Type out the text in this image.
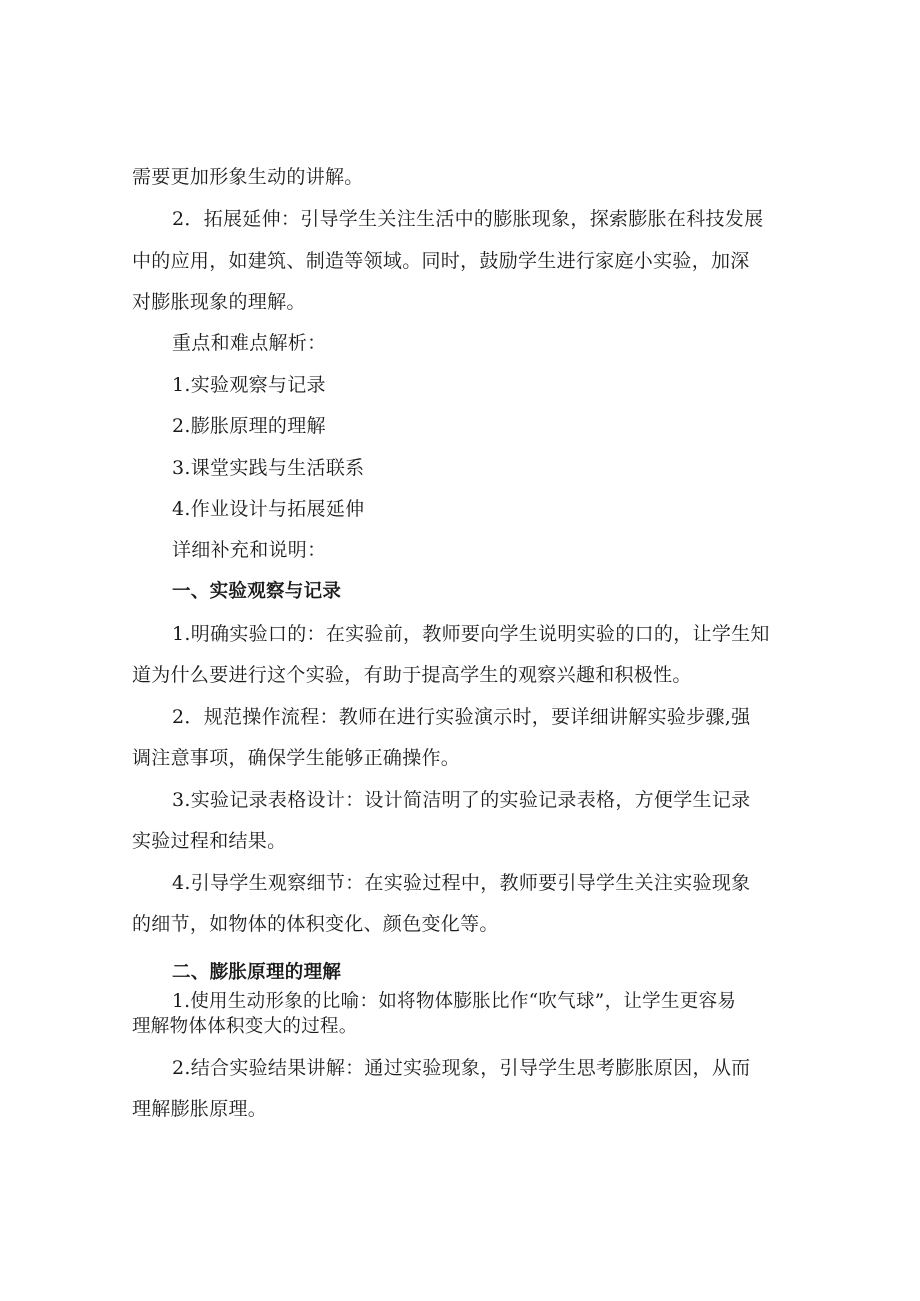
需要更加形象生动的讲解。
2．拓展延伸：引导学生关注生活中的膨胀现象，探索膨胀在科技发展
中的应用，如建筑、制造等领域。同时，鼓励学生进行家庭小实验，加深
对膨胀现象的理解。
重点和难点解析：
1.实验观察与记录
2.膨胀原理的理解
3.课堂实践与生活联系
4.作业设计与拓展延伸
详细补充和说明：
一、实验观察与记录
1.明确实验口的：在实验前，教师要向学生说明实验的口的，让学生知
道为什么要进行这个实验，有助于提高学生的观察兴趣和积极性。
2．规范操作流程：教师在进行实验演示时，要详细讲解实验步骤,强
调注意事项，确保学生能够正确操作。
3.实验记录表格设计：设计简洁明了的实验记录表格，方便学生记录
实验过程和结果。
4.引导学生观察细节：在实验过程中，教师要引导学生关注实验现象
的细节，如物体的体积变化、颜色变化等。
二、膨胀原理的理解
1.使用生动形象的比喻：如将物体膨胀比作“吹气球”，让学生更容易
理解物体体积变大的过程。
2.结合实验结果讲解：通过实验现象，引导学生思考膨胀原因，从而
理解膨胀原理。
